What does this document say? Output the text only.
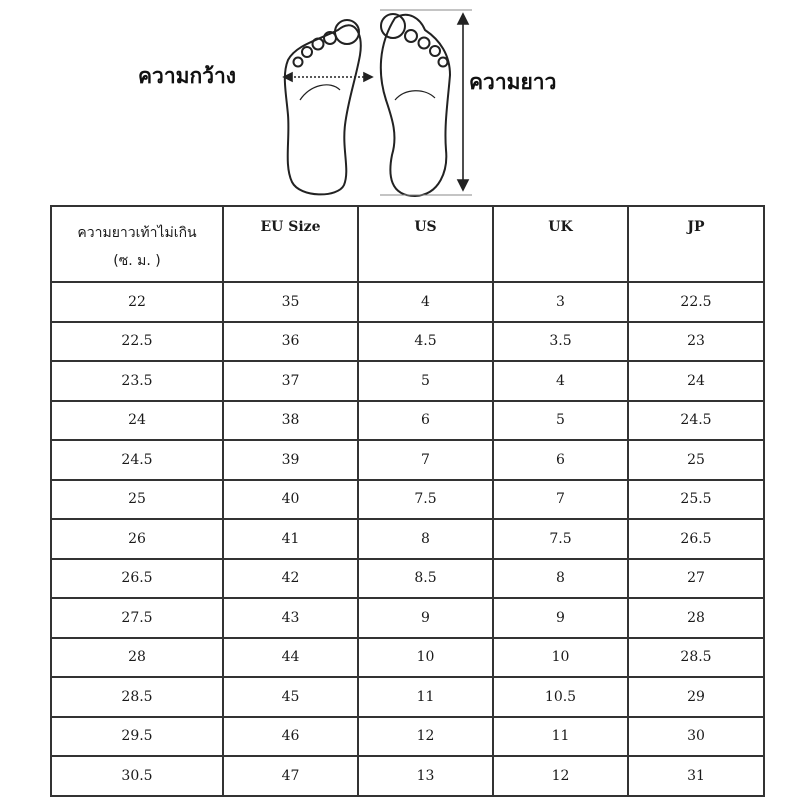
ความกว้าง	ความยาว
ความยาวเท้าไม่เกิน
(ซ. ม. )	EU Size	US	UK	JP
22	35	4	3	22.5
22.5	36	4.5	3.5	23
23.5	37	5	4	24
24	38	6	5	24.5
24.5	39	7	6	25
25	40	7.5	7	25.5
26	41	8	7.5	26.5
26.5	42	8.5	8	27
27.5	43	9	9	28
28	44	10	10	28.5
28.5	45	11	10.5	29
29.5	46	12	11	30
30.5	47	13	12	31
